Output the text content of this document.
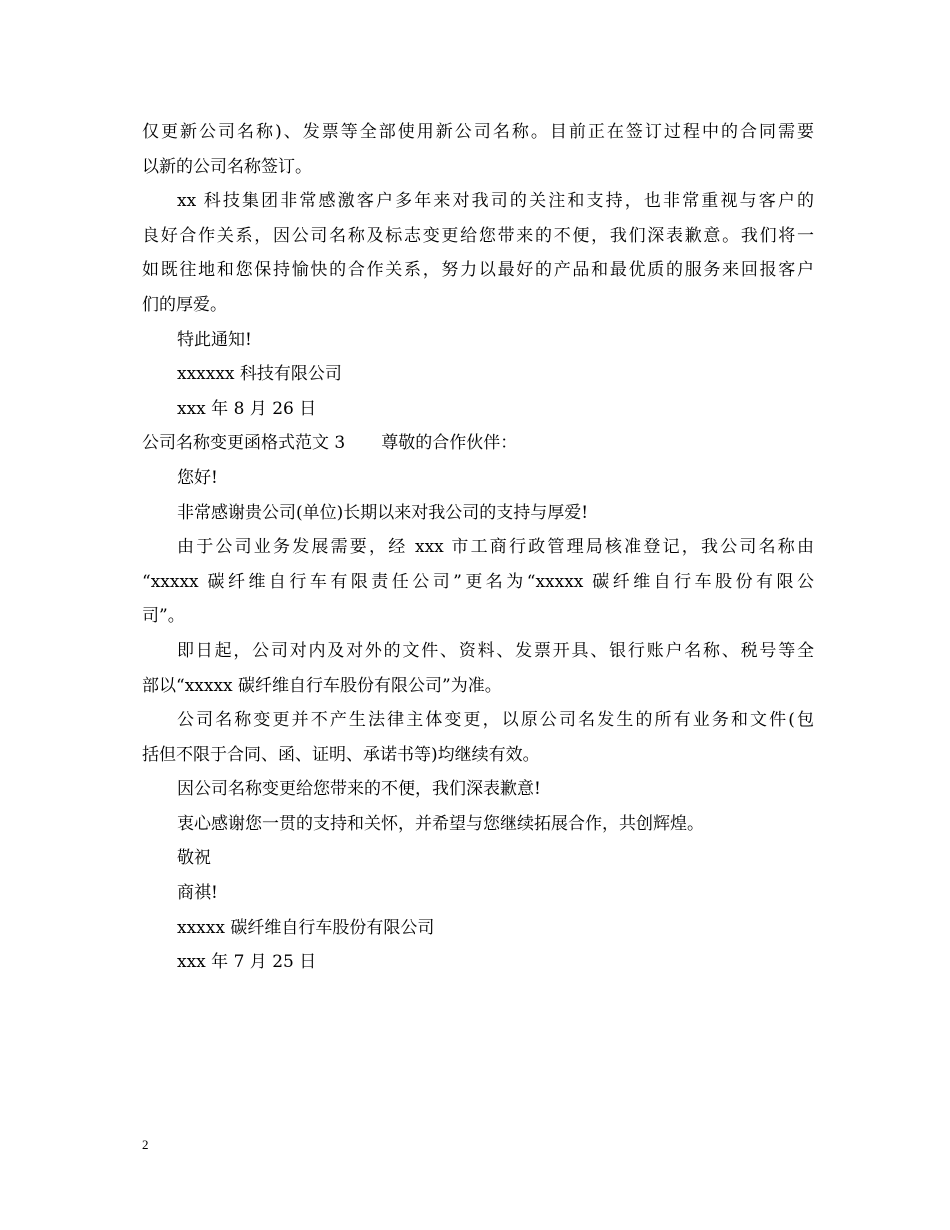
仅更新公司名称)、发票等全部使用新公司名称。目前正在签订过程中的合同需要
以新的公司名称签订。
xx 科技集团非常感激客户多年来对我司的关注和支持，也非常重视与客户的
良好合作关系，因公司名称及标志变更给您带来的不便，我们深表歉意。我们将一
如既往地和您保持愉快的合作关系，努力以最好的产品和最优质的服务来回报客户
们的厚爱。
特此通知!
xxxxxx 科技有限公司
xxx 年 8 月 26 日
公司名称变更函格式范文 3 尊敬的合作伙伴：
您好!
非常感谢贵公司(单位)长期以来对我公司的支持与厚爱!
由于公司业务发展需要，经 xxx 市工商行政管理局核准登记，我公司名称由
“xxxxx 碳纤维自行车有限责任公司”更名为“xxxxx 碳纤维自行车股份有限公
司”。
即日起，公司对内及对外的文件、资料、发票开具、银行账户名称、税号等全
部以“xxxxx 碳纤维自行车股份有限公司”为准。
公司名称变更并不产生法律主体变更，以原公司名发生的所有业务和文件(包
括但不限于合同、函、证明、承诺书等)均继续有效。
因公司名称变更给您带来的不便，我们深表歉意!
衷心感谢您一贯的支持和关怀，并希望与您继续拓展合作，共创辉煌。
敬祝
商祺!
xxxxx 碳纤维自行车股份有限公司
xxx 年 7 月 25 日
2
